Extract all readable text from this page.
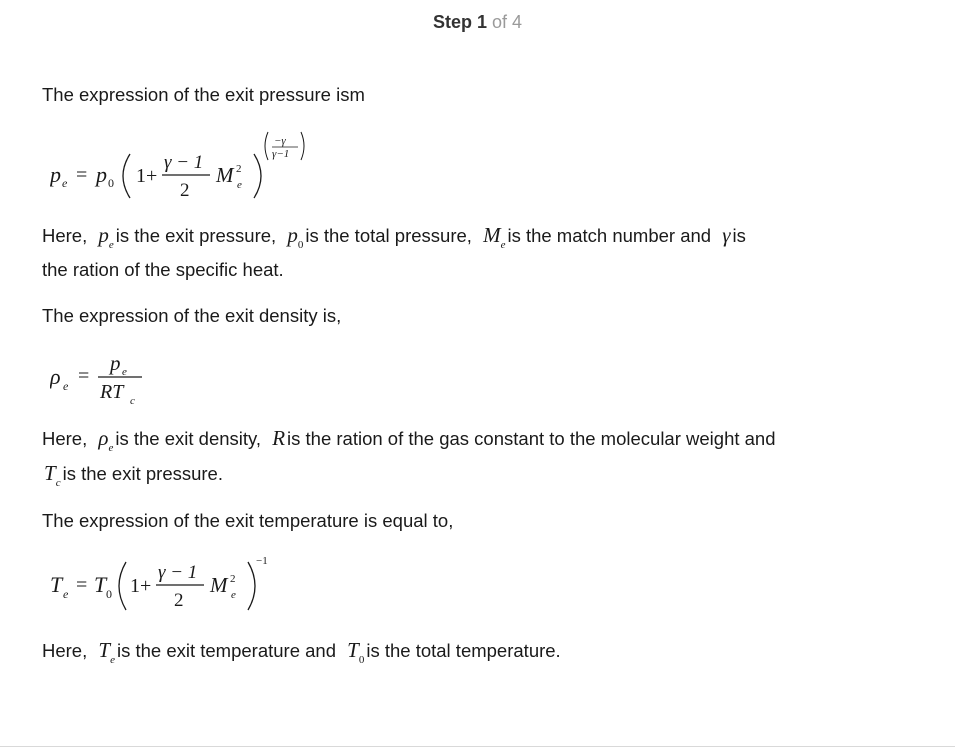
Step 1 of 4
The expression of the exit pressure ism
p e = p 0 1+
γ − 1
2
M 2
e
−γ
γ−1
Here, $p_e$ is the exit pressure, $p_0$ is the total pressure, $M_e$ is the match number and γ is
the ration of the specific heat.
The expression of the exit density is,
ρ e =
p e
RT c
Here, $\rho_e$ is the exit density, R is the ration of the gas constant to the molecular weight and
$T_c$ is the exit pressure.
The expression of the exit temperature is equal to,
T e = T 0 1+
γ − 1
2
M 2
e
−1
Here, $T_e$ is the exit temperature and $T_0$ is the total temperature.
